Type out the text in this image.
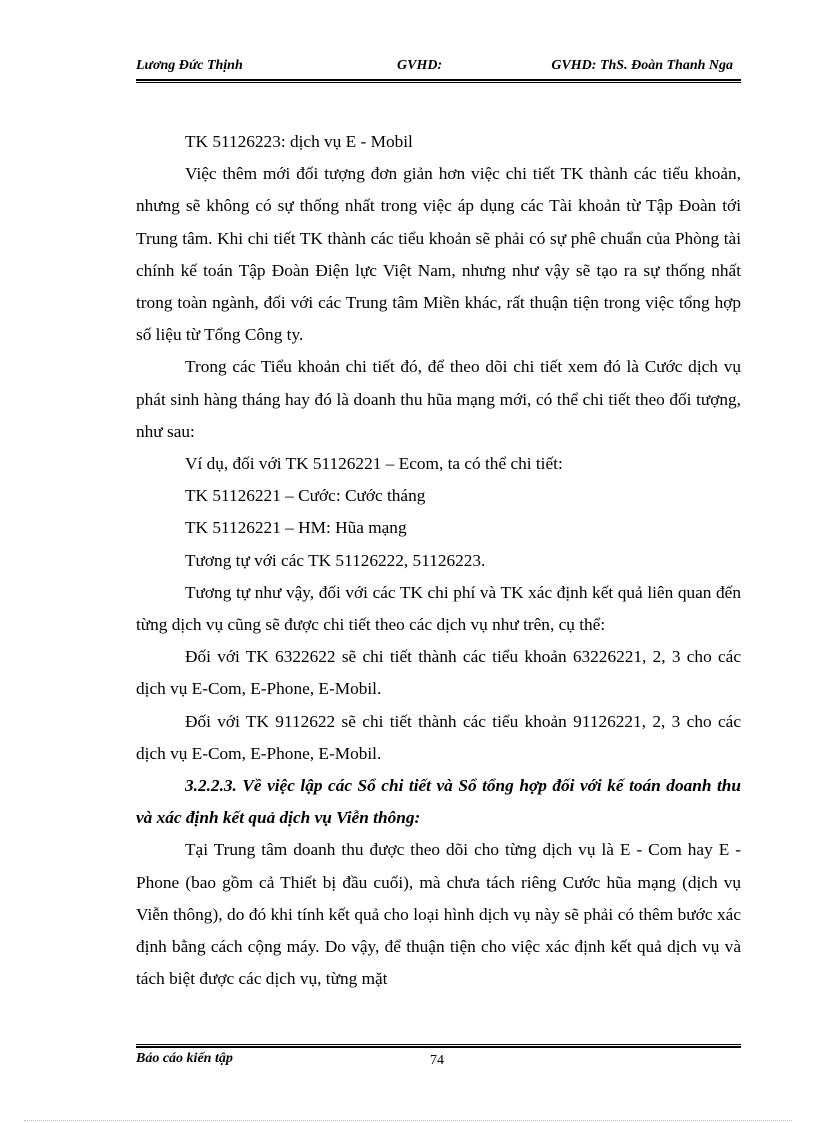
Lương Đức Thịnh	GVHD:	GVHD: ThS. Đoàn Thanh Nga

TK 51126223: dịch vụ E - Mobil

Việc thêm mới đối tượng đơn giản hơn việc chi tiết TK thành các tiểu khoản, nhưng sẽ không có sự thống nhất trong việc áp dụng các Tài khoản từ Tập Đoàn tới Trung tâm. Khi chi tiết TK thành các tiểu khoản sẽ phải có sự phê chuẩn của Phòng tài chính kế toán Tập Đoàn Điện lực Việt Nam, nhưng như vậy sẽ tạo ra sự thống nhất trong toàn ngành, đối với các Trung tâm Miền khác, rất thuận tiện trong việc tổng hợp số liệu từ Tổng Công ty.

Trong các Tiểu khoản chi tiết đó, để theo dõi chi tiết xem đó là Cước dịch vụ phát sinh hàng tháng hay đó là doanh thu hũa mạng mới, có thể chi tiết theo đối tượng, như sau:

Ví dụ, đối với TK 51126221 – Ecom, ta có thể chi tiết:

TK 51126221 – Cước: Cước tháng

TK 51126221 – HM: Hũa mạng

Tương tự với các TK 51126222, 51126223.

Tương tự như vậy, đối với các TK chi phí và TK xác định kết quả liên quan đến từng dịch vụ cũng sẽ được chi tiết theo các dịch vụ như trên, cụ thể:

Đối với TK 6322622 sẽ chi tiết thành các tiểu khoản 63226221, 2, 3 cho các dịch vụ E-Com, E-Phone, E-Mobil.

Đối với TK 9112622 sẽ chi tiết thành các tiểu khoản 91126221, 2, 3 cho các dịch vụ E-Com, E-Phone, E-Mobil.

3.2.2.3. Về việc lập các Sổ chi tiết và Sổ tổng hợp đối với kế toán doanh thu và xác định kết quả dịch vụ Viễn thông:

Tại Trung tâm doanh thu được theo dõi cho từng dịch vụ là E - Com hay E - Phone (bao gồm cả Thiết bị đầu cuối), mà chưa tách riêng Cước hũa mạng (dịch vụ Viễn thông), do đó khi tính kết quả cho loại hình dịch vụ này sẽ phải có thêm bước xác định bằng cách cộng máy. Do vậy, để thuận tiện cho việc xác định kết quả dịch vụ và tách biệt được các dịch vụ, từng mặt

Báo cáo kiến tập	74
